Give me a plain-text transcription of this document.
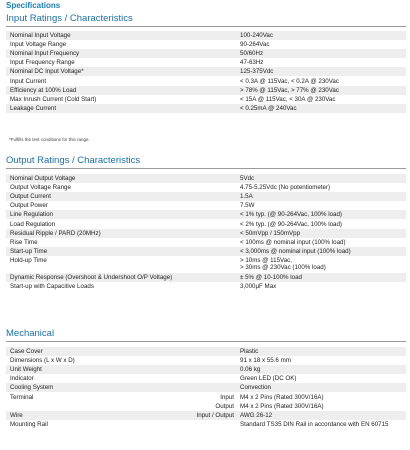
Specifications
Input Ratings / Characteristics
Nominal Input Voltage	100-240Vac
Input Voltage Range	90-264Vac
Nominal Input Frequency	50/60Hz
Input Frequency Range	47-63Hz
Nominal DC Input Voltage*	125-375Vdc
Input Current	< 0.3A @ 115Vac, < 0.2A @ 230Vac
Efficiency at 100% Load	> 78% @ 115Vac, > 77% @ 230Vac
Max Inrush Current (Cold Start)	< 15A @ 115Vac, < 30A @ 230Vac
Leakage Current	< 0.25mA @ 240Vac
*Fulfills the test conditions for this range.
Output Ratings / Characteristics
Nominal Output Voltage	5Vdc
Output Voltage Range	4.75-5.25Vdc (No potentiometer)
Output Current	1.5A
Output Power	7.5W
Line Regulation	< 1% typ. (@ 90-264Vac, 100% load)
Load Regulation	< 2% typ. (@ 90-264Vac, 100% load)
Residual Ripple / PARD (20MHz)	< 50mVpp / 150mVpp
Rise Time	< 100ms @ nominal input (100% load)
Start-up Time	< 3,000ms @ nominal input (100% load)
Hold-up Time	> 10ms @ 115Vac,
> 30ms @ 230Vac (100% load)

Dynamic Response (Overshoot & Undershoot O/P Voltage)	± 5% @ 10-100% load
Start-up with Capacitive Loads	3,000µF Max
Mechanical
Case Cover		Plastic
Dimensions (L x W x D)		91 x 18 x 55.6 mm
Unit Weight		0.06 kg
Indicator		Green LED (DC OK)
Cooling System		Convection
Terminal	Input	M4 x 2 Pins (Rated 300V/16A)
	Output	M4 x 2 Pins (Rated 300V/16A)
Wire	Input / Output	AWG 26-12
Mounting Rail		Standard TS35 DIN Rail in accordance with EN 60715
